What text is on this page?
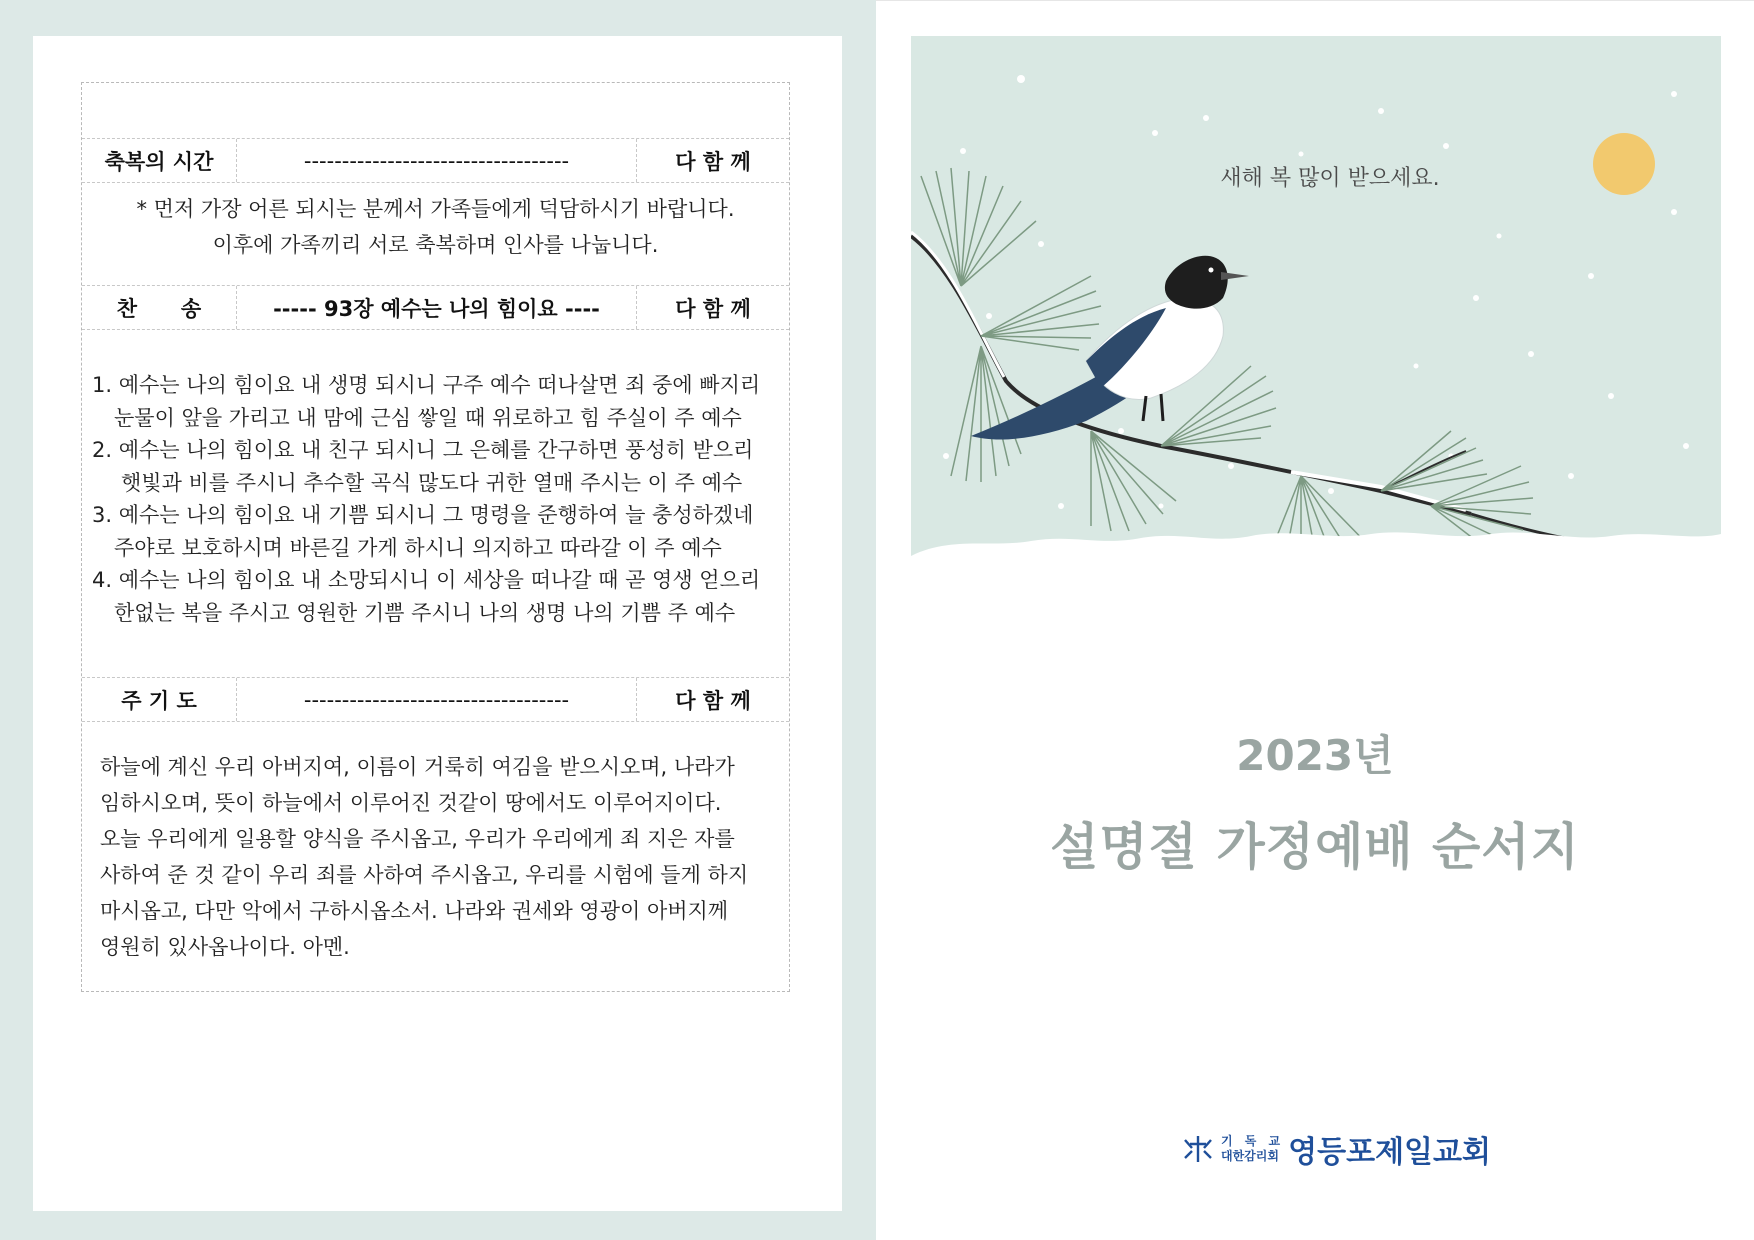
축복의 시간	-----------------------------------	다 함 께

* 먼저 가장 어른 되시는 분께서 가족들에게 덕담하시기 바랍니다.

이후에 가족끼리 서로 축복하며 인사를 나눕니다.

찬      송	----- 93장 예수는 나의 힘이요 ----	다 함 께

1. 예수는 나의 힘이요 내 생명 되시니 구주 예수 떠나살면 죄 중에 빠지리

눈물이 앞을 가리고 내 맘에 근심 쌓일 때 위로하고 힘 주실이 주 예수

2. 예수는 나의 힘이요 내 친구 되시니 그 은혜를 간구하면 풍성히 받으리

햇빛과 비를 주시니 추수할 곡식 많도다 귀한 열매 주시는 이 주 예수

3. 예수는 나의 힘이요 내 기쁨 되시니 그 명령을 준행하여 늘 충성하겠네

주야로 보호하시며 바른길 가게 하시니 의지하고 따라갈 이 주 예수

4. 예수는 나의 힘이요 내 소망되시니 이 세상을 떠나갈 때 곧 영생 얻으리

한없는 복을 주시고 영원한 기쁨 주시니 나의 생명 나의 기쁨 주 예수

주 기 도	-----------------------------------	다 함 께

하늘에 계신 우리 아버지여, 이름이 거룩히 여김을 받으시오며, 나라가

임하시오며, 뜻이 하늘에서 이루어진 것같이 땅에서도 이루어지이다.

오늘 우리에게 일용할 양식을 주시옵고, 우리가 우리에게 죄 지은 자를

사하여 준 것 같이 우리 죄를 사하여 주시옵고, 우리를 시험에 들게 하지

마시옵고, 다만 악에서 구하시옵소서. 나라와 권세와 영광이 아버지께

영원히 있사옵나이다. 아멘.

새해 복 많이 받으세요.
2023년
설명절 가정예배 순서지
기 독 교
대한감리회 영등포제일교회
